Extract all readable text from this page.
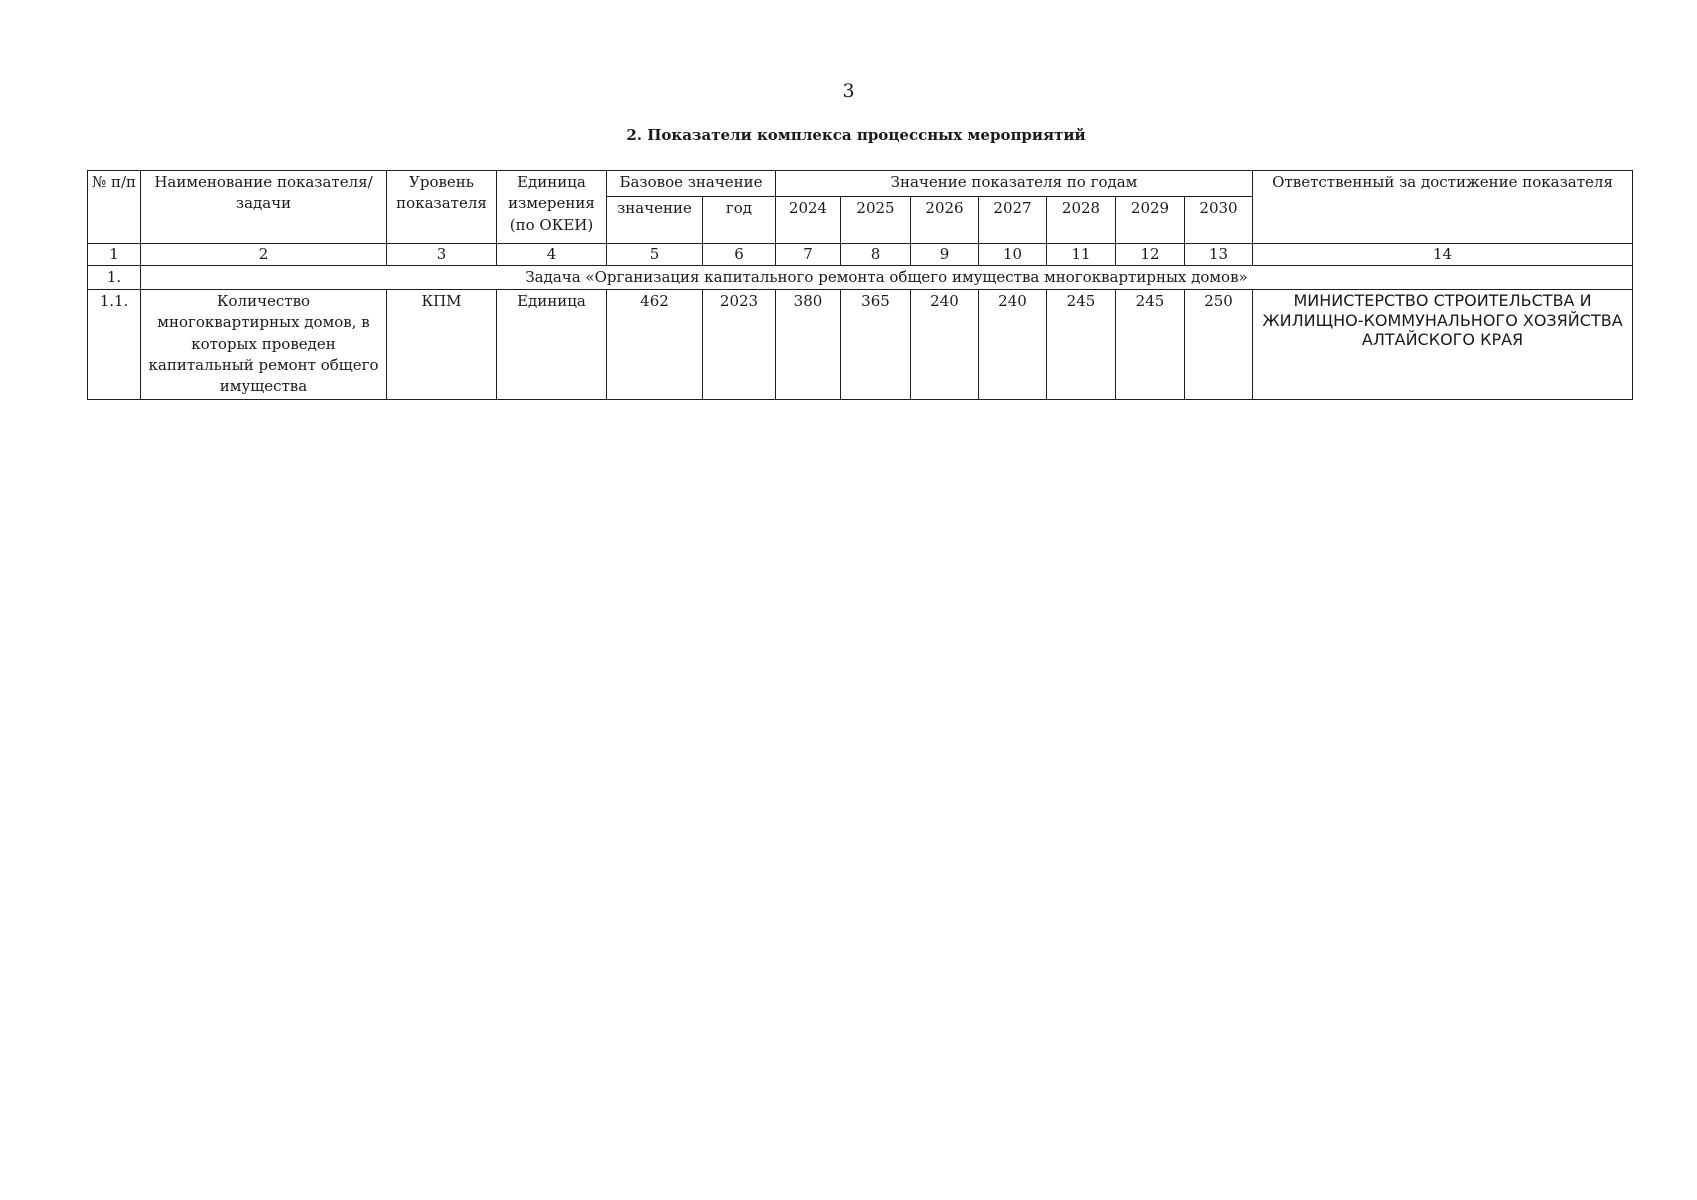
3
2. Показатели комплекса процессных мероприятий
№ п/п	Наименование показателя/задачи	Уровень показателя	Единица измерения (по ОКЕИ)	Базовое значение		Значение показателя по годам							Ответственный за достижение показателя
				значение	год	2024	2025	2026	2027	2028	2029	2030	
1	2	3	4	5	6	7	8	9	10	11	12	13	14
1.	Задача «Организация капитального ремонта общего имущества многоквартирных домов»												
1.1.	Количество многоквартирных домов, в которых проведен капитальный ремонт общего имущества	КПМ	Единица	462	2023	380	365	240	240	245	245	250	МИНИСТЕРСТВО СТРОИТЕЛЬСТВА И ЖИЛИЩНО-КОММУНАЛЬНОГО ХОЗЯЙСТВА АЛТАЙСКОГО КРАЯ
